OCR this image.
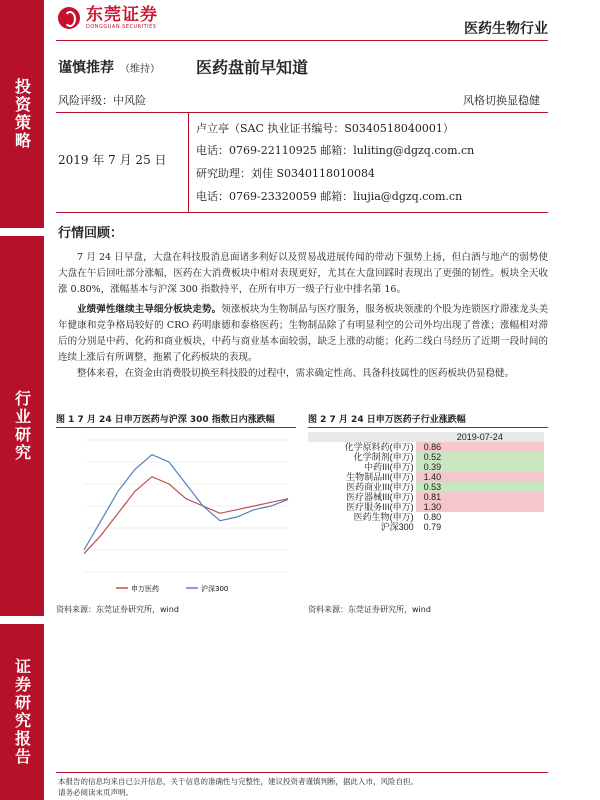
投资策略
行业研究
证券研究报告
东莞证券
DONGGUAN SECURITIES	医药生物行业
谨慎推荐 （维持） 医药盘前早知道
风险评级：中风险	风格切换显稳健
2019 年 7 月 25 日
卢立亭（SAC 执业证书编号：S0340518040001）
电话：0769-22110925 邮箱：luliting@dgzq.com.cn
研究助理：刘佳 S0340118010084
电话：0769-23320059 邮箱：liujia@dgzq.com.cn
行情回顾：
7 月 24 日早盘，大盘在科技股消息面诸多利好以及贸易战进展传闻的带动下强势上扬，但白酒与地产的弱势使大盘在午后回吐部分涨幅，医药在大消费板块中相对表现更好，尤其在大盘回踩时表现出了更强的韧性。板块全天收涨 0.80%，涨幅基本与沪深 300 指数持平，在所有申万一级子行业中排名第 16。
业绩弹性继续主导细分板块走势。领涨板块为生物制品与医疗服务，服务板块领涨的个股为连锁医疗滞涨龙头美年健康和竞争格局较好的 CRO 药明康德和泰格医药；生物制品除了有明显利空的公司外均出现了普涨；涨幅相对滞后的分别是中药、化药和商业板块，中药与商业基本面较弱，缺乏上涨的动能；化药二线白马经历了近期一段时间的连续上涨后有所调整，拖累了化药板块的表现。
整体来看，在资金由消费股切换至科技股的过程中，需求确定性高、具备科技属性的医药板块仍显稳健。
图 1 7 月 24 日申万医药与沪深 300 指数日内涨跌幅	图 2 7 月 24 日申万医药子行业涨跌幅
申万医药	沪深300
	2019-07-24
化学原料药(申万)	0.86
化学制剂(申万)	0.52
中药III(申万)	0.39
生物制品III(申万)	1.40
医药商业III(申万)	0.53
医疗器械III(申万)	0.81
医疗服务III(申万)	1.30
医药生物(申万)	0.80
沪深300	0.79
资料来源：东莞证券研究所，wind	资料来源：东莞证券研究所，wind
本报告的信息均来自已公开信息，关于信息的准确性与完整性，建议投资者谨慎判断，据此入市，风险自担。
请务必阅读末页声明。
